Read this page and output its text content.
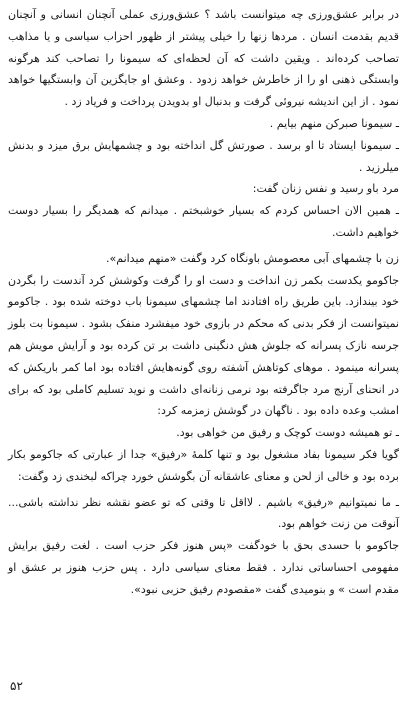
در برابر عشق‌ورزی چه میتوانست باشد ؟ عشق‌ورزی عملی آنچنان انسانی و آنچنان قدیم بقدمت انسان . مردها زنها را خیلی پیشتر از ظهور احزاب سیاسی و یا مذاهب تصاحب کرده‌اند . ویقین داشت که آن لحظه‌ای که سیمونا را تصاحب کند هرگونه وابستگی ذهنی او را از خاطرش خواهد زدود . وعشق او جایگزین آن وابستگیها خواهد نمود . از این اندیشه نیروئی گرفت و بدنبال او بدویدن پرداخت و فریاد زد .

ـ سیمونا صبرکن منهم بیایم .

ـ سیمونا ایستاد تا او برسد . صورتش گل انداخته بود و چشمهایش برق میزد و بدنش میلرزید .

مرد باو رسید و نفس زنان گفت:

ـ همین الان احساس کردم که بسیار خوشبختم . میدانم که همدیگر را بسیار دوست خواهیم داشت.

زن با چشمهای آبی معصومش باونگاه کرد وگفت «منهم میدانم».

جاکومو یکدست بکمر زن انداخت و دست او را گرفت وکوشش کرد آندست را بگردن خود بیندازد. باین طریق راه افتادند اما چشمهای سیمونا باب دوخته شده بود . جاکومو نمیتوانست از فکر بدنی که محکم در بازوی خود میفشرد منفک بشود . سیمونا بت بلوز جرسه نازک پسرانه که جلوش هش دنگینی داشت بر تن کرده بود و آرایش مویش هم پسرانه مینمود . موهای کوتاهش آشفته روی گونه‌هایش افتاده بود اما کمر باریکش که در انحنای آرنج مرد جاگرفته بود نرمی زنانه‌ای داشت و نوید تسلیم کاملی بود که برای امشب وعده داده بود . ناگهان در گوشش زمزمه کرد:

ـ تو همیشه دوست کوچک و رفیق من خواهی بود.

گویا فکر سیمونا بفاد مشغول بود و تنها کلمهٔ «رفیق» جدا از عبارتی که جاکومو بکار برده بود و خالی از لحن و معنای عاشقانه آن بگوشش خورد چراکه لبخندی زد وگفت:

ـ ما نمیتوانیم «رفیق» باشیم . لااقل تا وقتی که تو عضو نقشه نظر نداشته باشی... آنوقت من زنت خواهم بود.

جاکومو با حسدی بحق با خودگفت «پس هنوز فکر حزب است . لغت رفیق برایش مفهومی احساساتی ندارد . فقط معنای سیاسی دارد . پس حزب هنوز بر عشق او مقدم است » و بنومیدی گفت «مقصودم رفیق حزبی نبود».

۵۲
